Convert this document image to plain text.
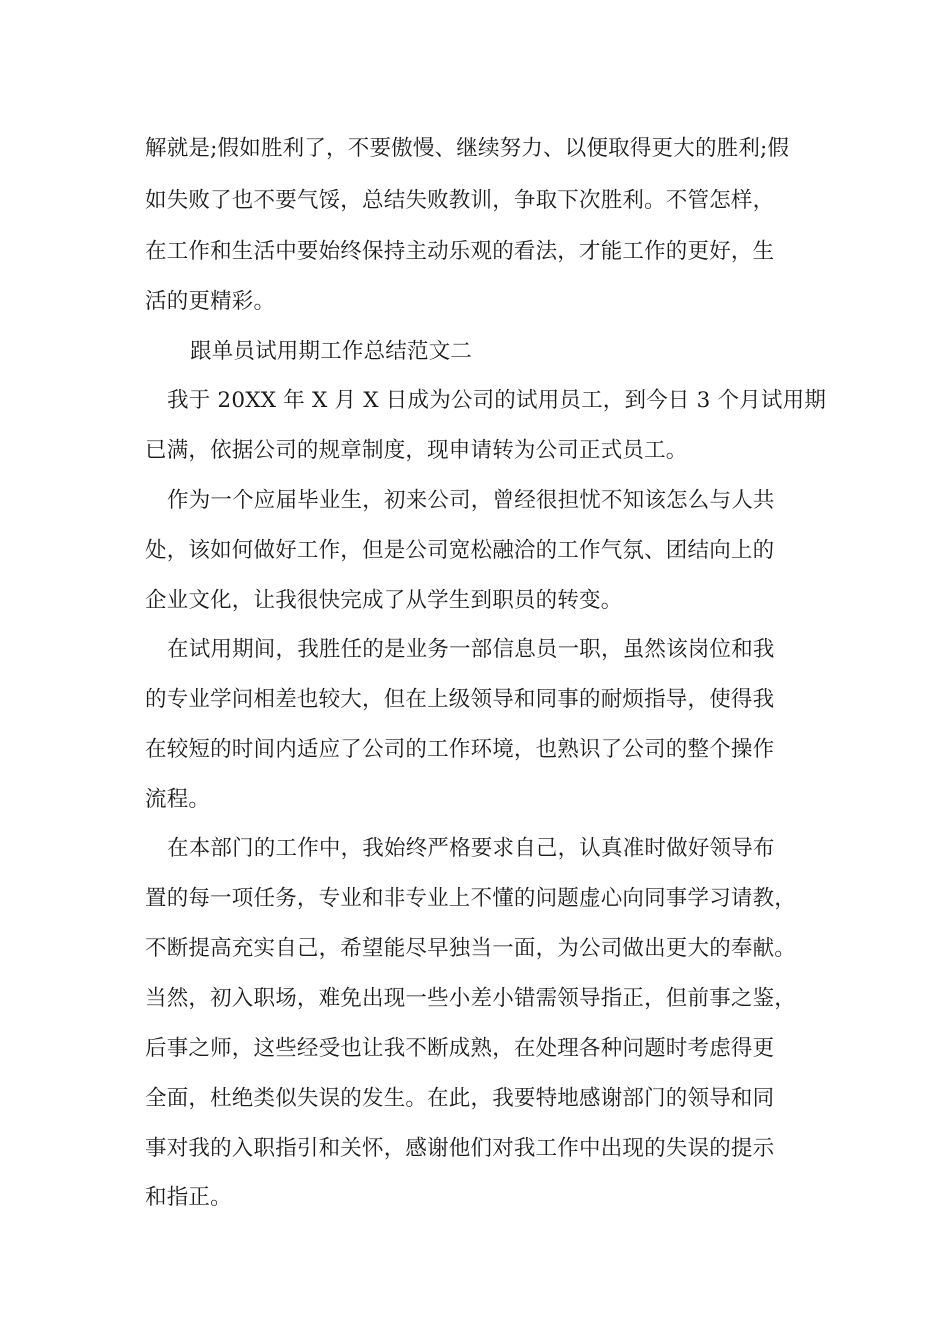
解就是;假如胜利了，不要傲慢、继续努力、以便取得更大的胜利;假
如失败了也不要气馁，总结失败教训，争取下次胜利。不管怎样，
在工作和生活中要始终保持主动乐观的看法，才能工作的更好，生
活的更精彩。
跟单员试用期工作总结范文二
我于 20XX 年 X 月 X 日成为公司的试用员工，到今日 3 个月试用期
已满，依据公司的规章制度，现申请转为公司正式员工。
作为一个应届毕业生，初来公司，曾经很担忧不知该怎么与人共
处，该如何做好工作，但是公司宽松融洽的工作气氛、团结向上的
企业文化，让我很快完成了从学生到职员的转变。
在试用期间，我胜任的是业务一部信息员一职，虽然该岗位和我
的专业学问相差也较大，但在上级领导和同事的耐烦指导，使得我
在较短的时间内适应了公司的工作环境，也熟识了公司的整个操作
流程。
在本部门的工作中，我始终严格要求自己，认真准时做好领导布
置的每一项任务，专业和非专业上不懂的问题虚心向同事学习请教，
不断提高充实自己，希望能尽早独当一面，为公司做出更大的奉献。
当然，初入职场，难免出现一些小差小错需领导指正，但前事之鉴，
后事之师，这些经受也让我不断成熟，在处理各种问题时考虑得更
全面，杜绝类似失误的发生。在此，我要特地感谢部门的领导和同
事对我的入职指引和关怀，感谢他们对我工作中出现的失误的提示
和指正。
